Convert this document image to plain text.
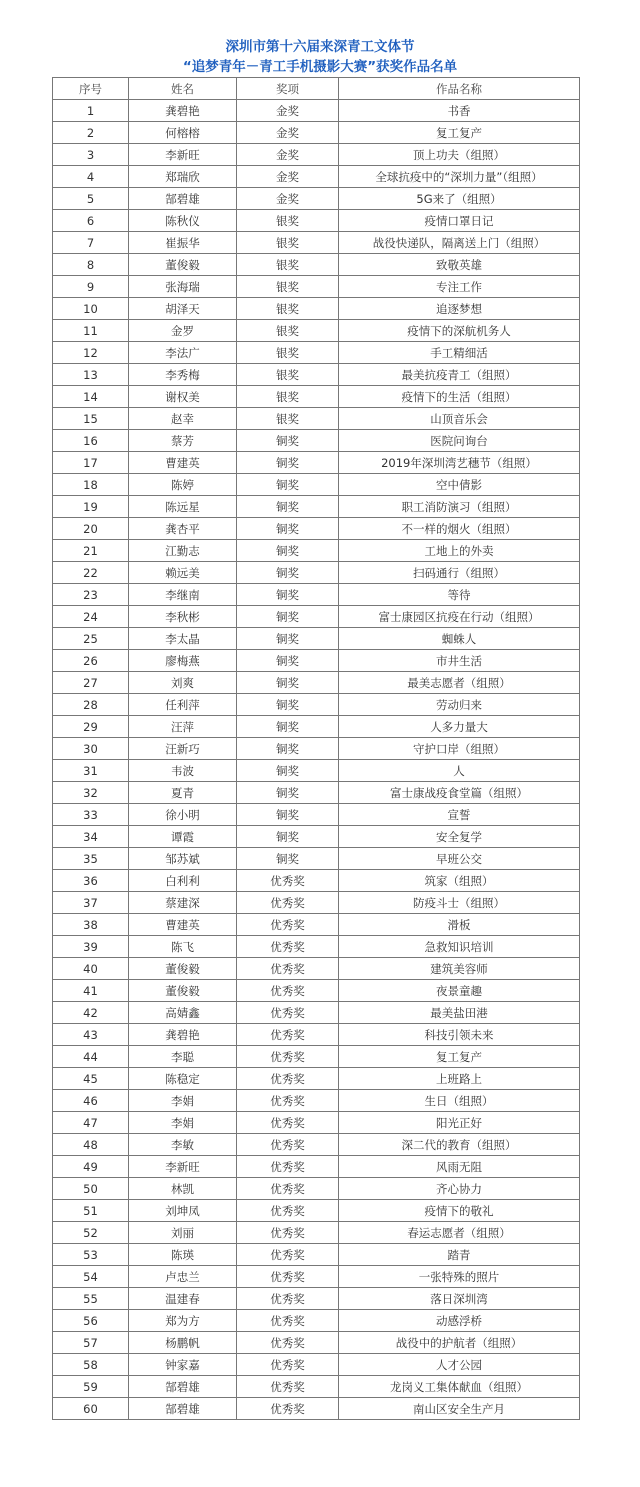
深圳市第十六届来深青工文体节
“追梦青年－青工手机摄影大赛”获奖作品名单
序号	姓名	奖项	作品名称
1	龚碧艳	金奖	书香
2	何榕榕	金奖	复工复产
3	李新旺	金奖	顶上功夫（组照）
4	郑瑞欣	金奖	全球抗疫中的“深圳力量”（组照）
5	郜碧雄	金奖	5G来了（组照）
6	陈秋仪	银奖	疫情口罩日记
7	崔振华	银奖	战役快递队，隔离送上门（组照）
8	董俊毅	银奖	致敬英雄
9	张海瑞	银奖	专注工作
10	胡泽天	银奖	追逐梦想
11	金罗	银奖	疫情下的深航机务人
12	李法广	银奖	手工精细活
13	李秀梅	银奖	最美抗疫青工（组照）
14	谢权美	银奖	疫情下的生活（组照）
15	赵幸	银奖	山顶音乐会
16	蔡芳	铜奖	医院问询台
17	曹建英	铜奖	2019年深圳湾艺穗节（组照）
18	陈婷	铜奖	空中倩影
19	陈远星	铜奖	职工消防演习（组照）
20	龚杏平	铜奖	不一样的烟火（组照）
21	江勤志	铜奖	工地上的外卖
22	赖远美	铜奖	扫码通行（组照）
23	李继南	铜奖	等待
24	李秋彬	铜奖	富士康园区抗疫在行动（组照）
25	李太晶	铜奖	蜘蛛人
26	廖梅燕	铜奖	市井生活
27	刘爽	铜奖	最美志愿者（组照）
28	任利萍	铜奖	劳动归来
29	汪萍	铜奖	人多力量大
30	汪新巧	铜奖	守护口岸（组照）
31	韦波	铜奖	人
32	夏青	铜奖	富士康战疫食堂篇（组照）
33	徐小明	铜奖	宣誓
34	谭霞	铜奖	安全复学
35	邹苏斌	铜奖	早班公交
36	白利利	优秀奖	筑家（组照）
37	蔡建深	优秀奖	防疫斗士（组照）
38	曹建英	优秀奖	滑板
39	陈飞	优秀奖	急救知识培训
40	董俊毅	优秀奖	建筑美容师
41	董俊毅	优秀奖	夜景童趣
42	高婧鑫	优秀奖	最美盐田港
43	龚碧艳	优秀奖	科技引领未来
44	李聪	优秀奖	复工复产
45	陈稳定	优秀奖	上班路上
46	李娟	优秀奖	生日（组照）
47	李娟	优秀奖	阳光正好
48	李敏	优秀奖	深二代的教育（组照）
49	李新旺	优秀奖	风雨无阻
50	林凯	优秀奖	齐心协力
51	刘坤凤	优秀奖	疫情下的敬礼
52	刘丽	优秀奖	春运志愿者（组照）
53	陈瑛	优秀奖	踏青
54	卢忠兰	优秀奖	一张特殊的照片
55	温建春	优秀奖	落日深圳湾
56	郑为方	优秀奖	动感浮桥
57	杨鹏帆	优秀奖	战役中的护航者（组照）
58	钟家嘉	优秀奖	人才公园
59	郜碧雄	优秀奖	龙岗义工集体献血（组照）
60	郜碧雄	优秀奖	南山区安全生产月
